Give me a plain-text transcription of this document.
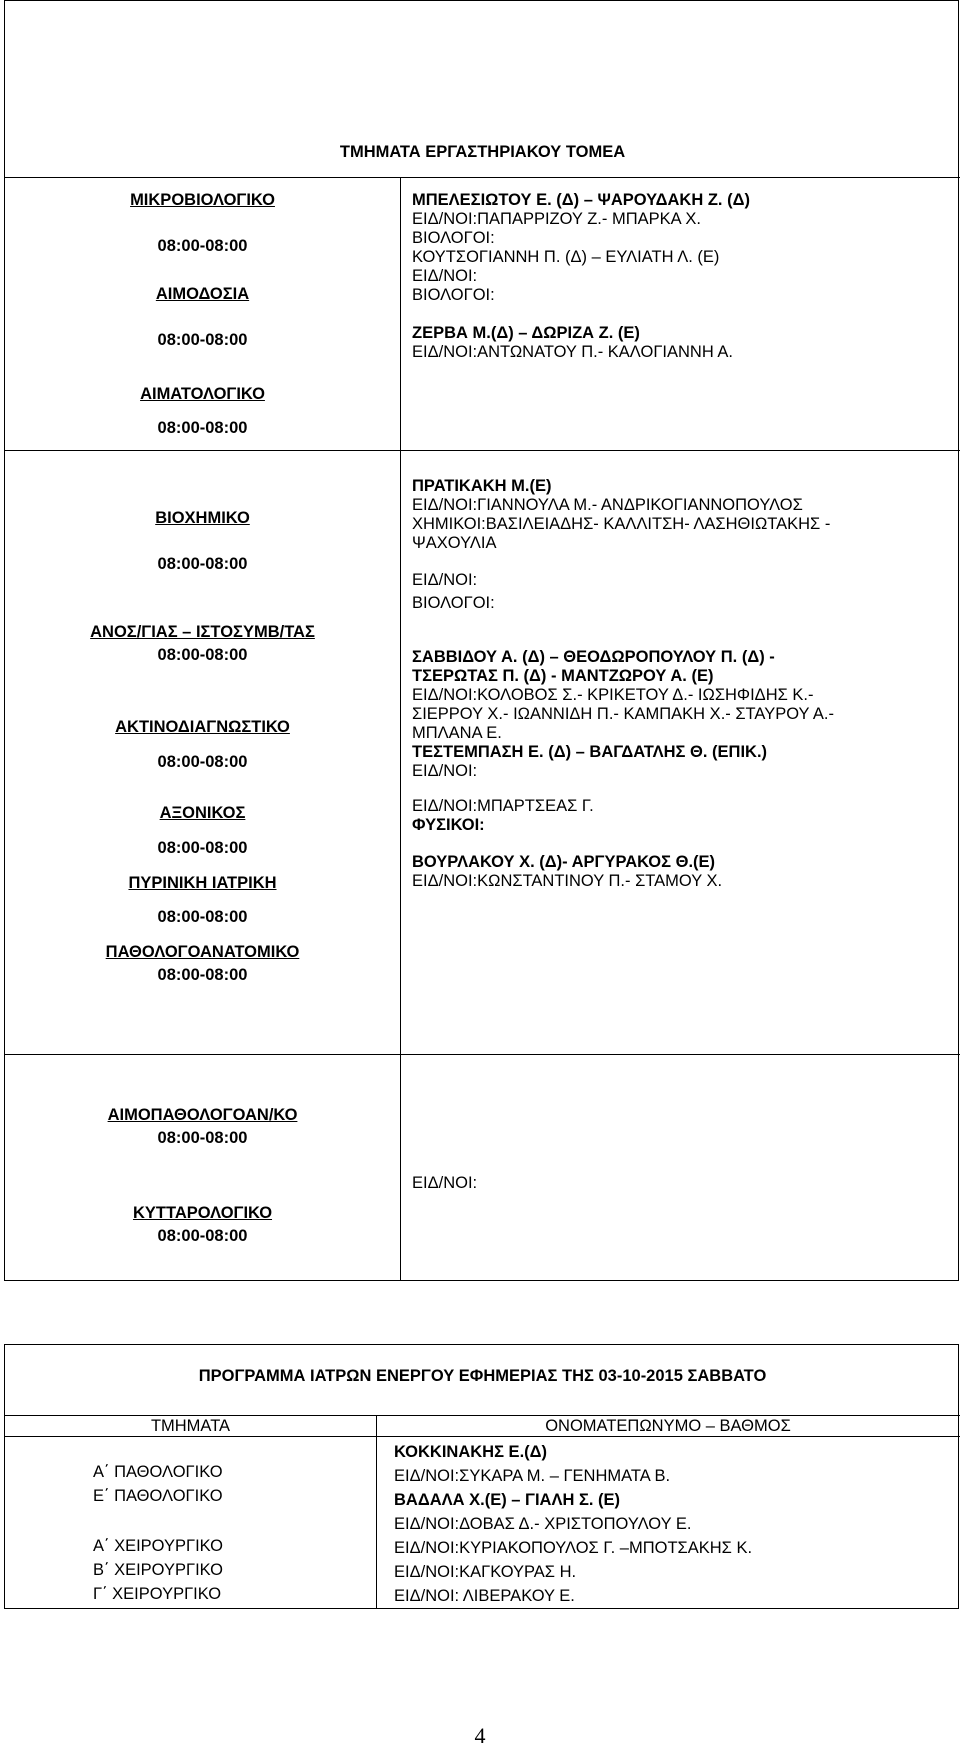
ΤΜΗΜΑΤΑ ΕΡΓΑΣΤΗΡΙΑΚΟΥ ΤΟΜΕΑ
ΜΙΚΡΟΒΙΟΛΟΓΙΚΟ
08:00-08:00
ΑΙΜΟΔΟΣΙΑ
08:00-08:00
ΑΙΜΑΤΟΛΟΓΙΚΟ
08:00-08:00
ΜΠΕΛΕΣΙΩΤΟΥ Ε. (Δ) – ΨΑΡΟΥΔΑΚΗ Ζ. (Δ)
ΕΙΔ/ΝΟΙ:ΠΑΠΑΡΡΙΖΟΥ Ζ.- ΜΠΑΡΚΑ Χ.
ΒΙΟΛΟΓΟΙ:
ΚΟΥΤΣΟΓΙΑΝΝΗ Π. (Δ) – ΕΥΛΙΑΤΗ Λ. (Ε)
ΕΙΔ/ΝΟΙ:
ΒΙΟΛΟΓΟΙ:
ΖΕΡΒΑ Μ.(Δ) – ΔΩΡΙΖΑ Ζ. (Ε)
ΕΙΔ/ΝΟΙ:ΑΝΤΩΝΑΤΟΥ Π.- ΚΑΛΟΓΙΑΝΝΗ Α.
ΒΙΟΧΗΜΙΚΟ
08:00-08:00
ΑΝΟΣ/ΓΙΑΣ – ΙΣΤΟΣΥΜΒ/ΤΑΣ
08:00-08:00
ΑΚΤΙΝΟΔΙΑΓΝΩΣΤΙΚΟ
08:00-08:00
ΑΞΟΝΙΚΟΣ
08:00-08:00
ΠΥΡΙΝΙΚΗ ΙΑΤΡΙΚΗ
08:00-08:00
ΠΑΘΟΛΟΓΟΑΝΑΤΟΜΙΚΟ
08:00-08:00
ΠΡΑΤΙΚΑΚΗ Μ.(Ε)
ΕΙΔ/ΝΟΙ:ΓΙΑΝΝΟΥΛΑ Μ.- ΑΝΔΡΙΚΟΓΙΑΝΝΟΠΟΥΛΟΣ
ΧΗΜΙΚΟΙ:ΒΑΣΙΛΕΙΑΔΗΣ- ΚΑΛΛΙΤΣΗ- ΛΑΣΗΘΙΩΤΑΚΗΣ -
ΨΑΧΟΥΛΙΑ
ΕΙΔ/ΝΟΙ:
ΒΙΟΛΟΓΟΙ:
ΣΑΒΒΙΔΟΥ Α. (Δ) – ΘΕΟΔΩΡΟΠΟΥΛΟΥ Π. (Δ) -
ΤΣΕΡΩΤΑΣ Π. (Δ) - ΜΑΝΤΖΩΡΟΥ Α. (Ε)
ΕΙΔ/ΝΟΙ:ΚΟΛΟΒΟΣ Σ.- ΚΡΙΚΕΤΟΥ Δ.- ΙΩΣΗΦΙΔΗΣ Κ.-
ΣΙΕΡΡΟΥ Χ.- ΙΩΑΝΝΙΔΗ Π.- ΚΑΜΠΑΚΗ Χ.- ΣΤΑΥΡΟΥ Α.-
ΜΠΛΑΝΑ Ε.
ΤΕΣΤΕΜΠΑΣΗ Ε. (Δ) – ΒΑΓΔΑΤΛΗΣ Θ. (ΕΠΙΚ.)
ΕΙΔ/ΝΟΙ:
ΕΙΔ/ΝΟΙ:ΜΠΑΡΤΣΕΑΣ Γ.
ΦΥΣΙΚΟΙ:
ΒΟΥΡΛΑΚΟΥ Χ. (Δ)- ΑΡΓΥΡΑΚΟΣ Θ.(Ε)
ΕΙΔ/ΝΟΙ:ΚΩΝΣΤΑΝΤΙΝΟΥ Π.- ΣΤΑΜΟΥ Χ.
ΑΙΜΟΠΑΘΟΛΟΓΟΑΝ/ΚΟ
08:00-08:00
ΚΥΤΤΑΡΟΛΟΓΙΚΟ
08:00-08:00
ΕΙΔ/ΝΟΙ:
ΠΡΟΓΡΑΜΜΑ ΙΑΤΡΩΝ ΕΝΕΡΓΟΥ ΕΦΗΜΕΡΙΑΣ ΤΗΣ 03-10-2015 ΣΑΒΒΑΤΟ
ΤΜΗΜΑΤΑ	ΟΝΟΜΑΤΕΠΩΝΥΜΟ – ΒΑΘΜΟΣ
Α΄ ΠΑΘΟΛΟΓΙΚΟ
Ε΄ ΠΑΘΟΛΟΓΙΚΟ
Α΄ ΧΕΙΡΟΥΡΓΙΚΟ
Β΄ ΧΕΙΡΟΥΡΓΙΚΟ
Γ΄ ΧΕΙΡΟΥΡΓΙΚΟ
ΚΟΚΚΙΝΑΚΗΣ Ε.(Δ)
ΕΙΔ/ΝΟΙ:ΣΥΚΑΡΑ Μ. – ΓΕΝΗΜΑΤΑ Β.
ΒΑΔΑΛΑ Χ.(Ε) – ΓΙΑΛΗ Σ. (Ε)
ΕΙΔ/ΝΟΙ:ΔΟΒΑΣ Δ.- ΧΡΙΣΤΟΠΟΥΛΟΥ Ε.
ΕΙΔ/ΝΟΙ:ΚΥΡΙΑΚΟΠΟΥΛΟΣ Γ. –ΜΠΟΤΣΑΚΗΣ Κ.
ΕΙΔ/ΝΟΙ:ΚΑΓΚΟΥΡΑΣ Η.
ΕΙΔ/ΝΟΙ: ΛΙΒΕΡΑΚΟΥ Ε.
4
